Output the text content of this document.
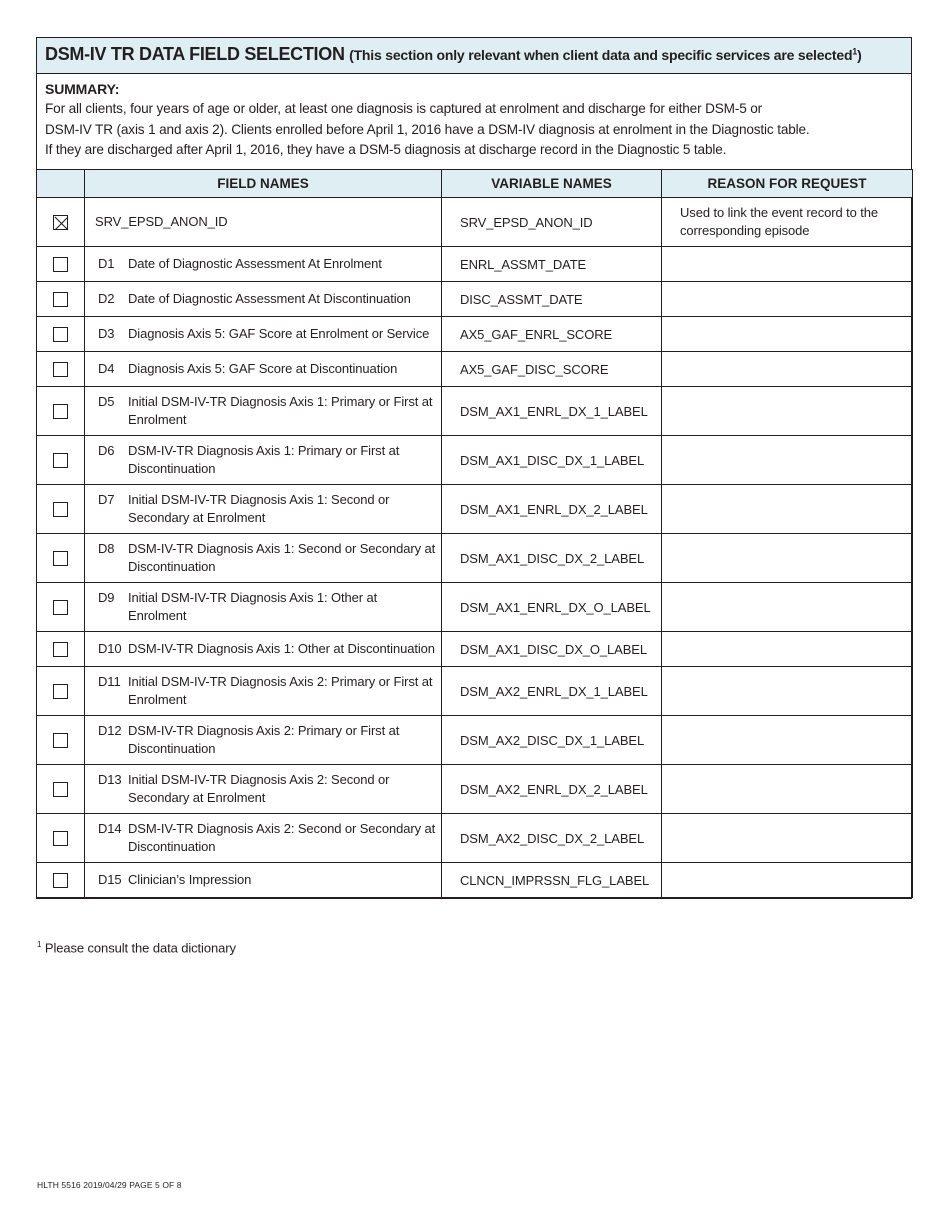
DSM-IV TR DATA FIELD SELECTION (This section only relevant when client data and specific services are selected$^1$)
SUMMARY:
For all clients, four years of age or older, at least one diagnosis is captured at enrolment and discharge for either DSM-5 or
DSM-IV TR (axis 1 and axis 2). Clients enrolled before April 1, 2016 have a DSM-IV diagnosis at enrolment in the Diagnostic table.
If they are discharged after April 1, 2016, they have a DSM-5 diagnosis at discharge record in the Diagnostic 5 table.
	FIELD NAMES	VARIABLE NAMES	REASON FOR REQUEST

	SRV_EPSD_ANON_ID	SRV_EPSD_ANON_ID	Used to link the event record to the corresponding episode

	D1 Date of Diagnostic Assessment At Enrolment	ENRL_ASSMT_DATE	

	D2 Date of Diagnostic Assessment At Discontinuation	DISC_ASSMT_DATE	

	D3 Diagnosis Axis 5: GAF Score at Enrolment or Service	AX5_GAF_ENRL_SCORE	

	D4 Diagnosis Axis 5: GAF Score at Discontinuation	AX5_GAF_DISC_SCORE	

	D5 Initial DSM-IV-TR Diagnosis Axis 1: Primary or First at Enrolment	DSM_AX1_ENRL_DX_1_LABEL	

	D6 DSM-IV-TR Diagnosis Axis 1: Primary or First at Discontinuation	DSM_AX1_DISC_DX_1_LABEL	

	D7 Initial DSM-IV-TR Diagnosis Axis 1: Second or Secondary at Enrolment	DSM_AX1_ENRL_DX_2_LABEL	

	D8 DSM-IV-TR Diagnosis Axis 1: Second or Secondary at Discontinuation	DSM_AX1_DISC_DX_2_LABEL	

	D9 Initial DSM-IV-TR Diagnosis Axis 1: Other at Enrolment	DSM_AX1_ENRL_DX_O_LABEL	

	D10 DSM-IV-TR Diagnosis Axis 1: Other at Discontinuation	DSM_AX1_DISC_DX_O_LABEL	

	D11 Initial DSM-IV-TR Diagnosis Axis 2: Primary or First at Enrolment	DSM_AX2_ENRL_DX_1_LABEL	

	D12 DSM-IV-TR Diagnosis Axis 2: Primary or First at Discontinuation	DSM_AX2_DISC_DX_1_LABEL	

	D13 Initial DSM-IV-TR Diagnosis Axis 2: Second or Secondary at Enrolment	DSM_AX2_ENRL_DX_2_LABEL	

	D14 DSM-IV-TR Diagnosis Axis 2: Second or Secondary at Discontinuation	DSM_AX2_DISC_DX_2_LABEL	

	D15 Clinician’s Impression	CLNCN_IMPRSSN_FLG_LABEL	
$^1$ Please consult the data dictionary
HLTH 5516 2019/04/29 PAGE 5 OF 8
